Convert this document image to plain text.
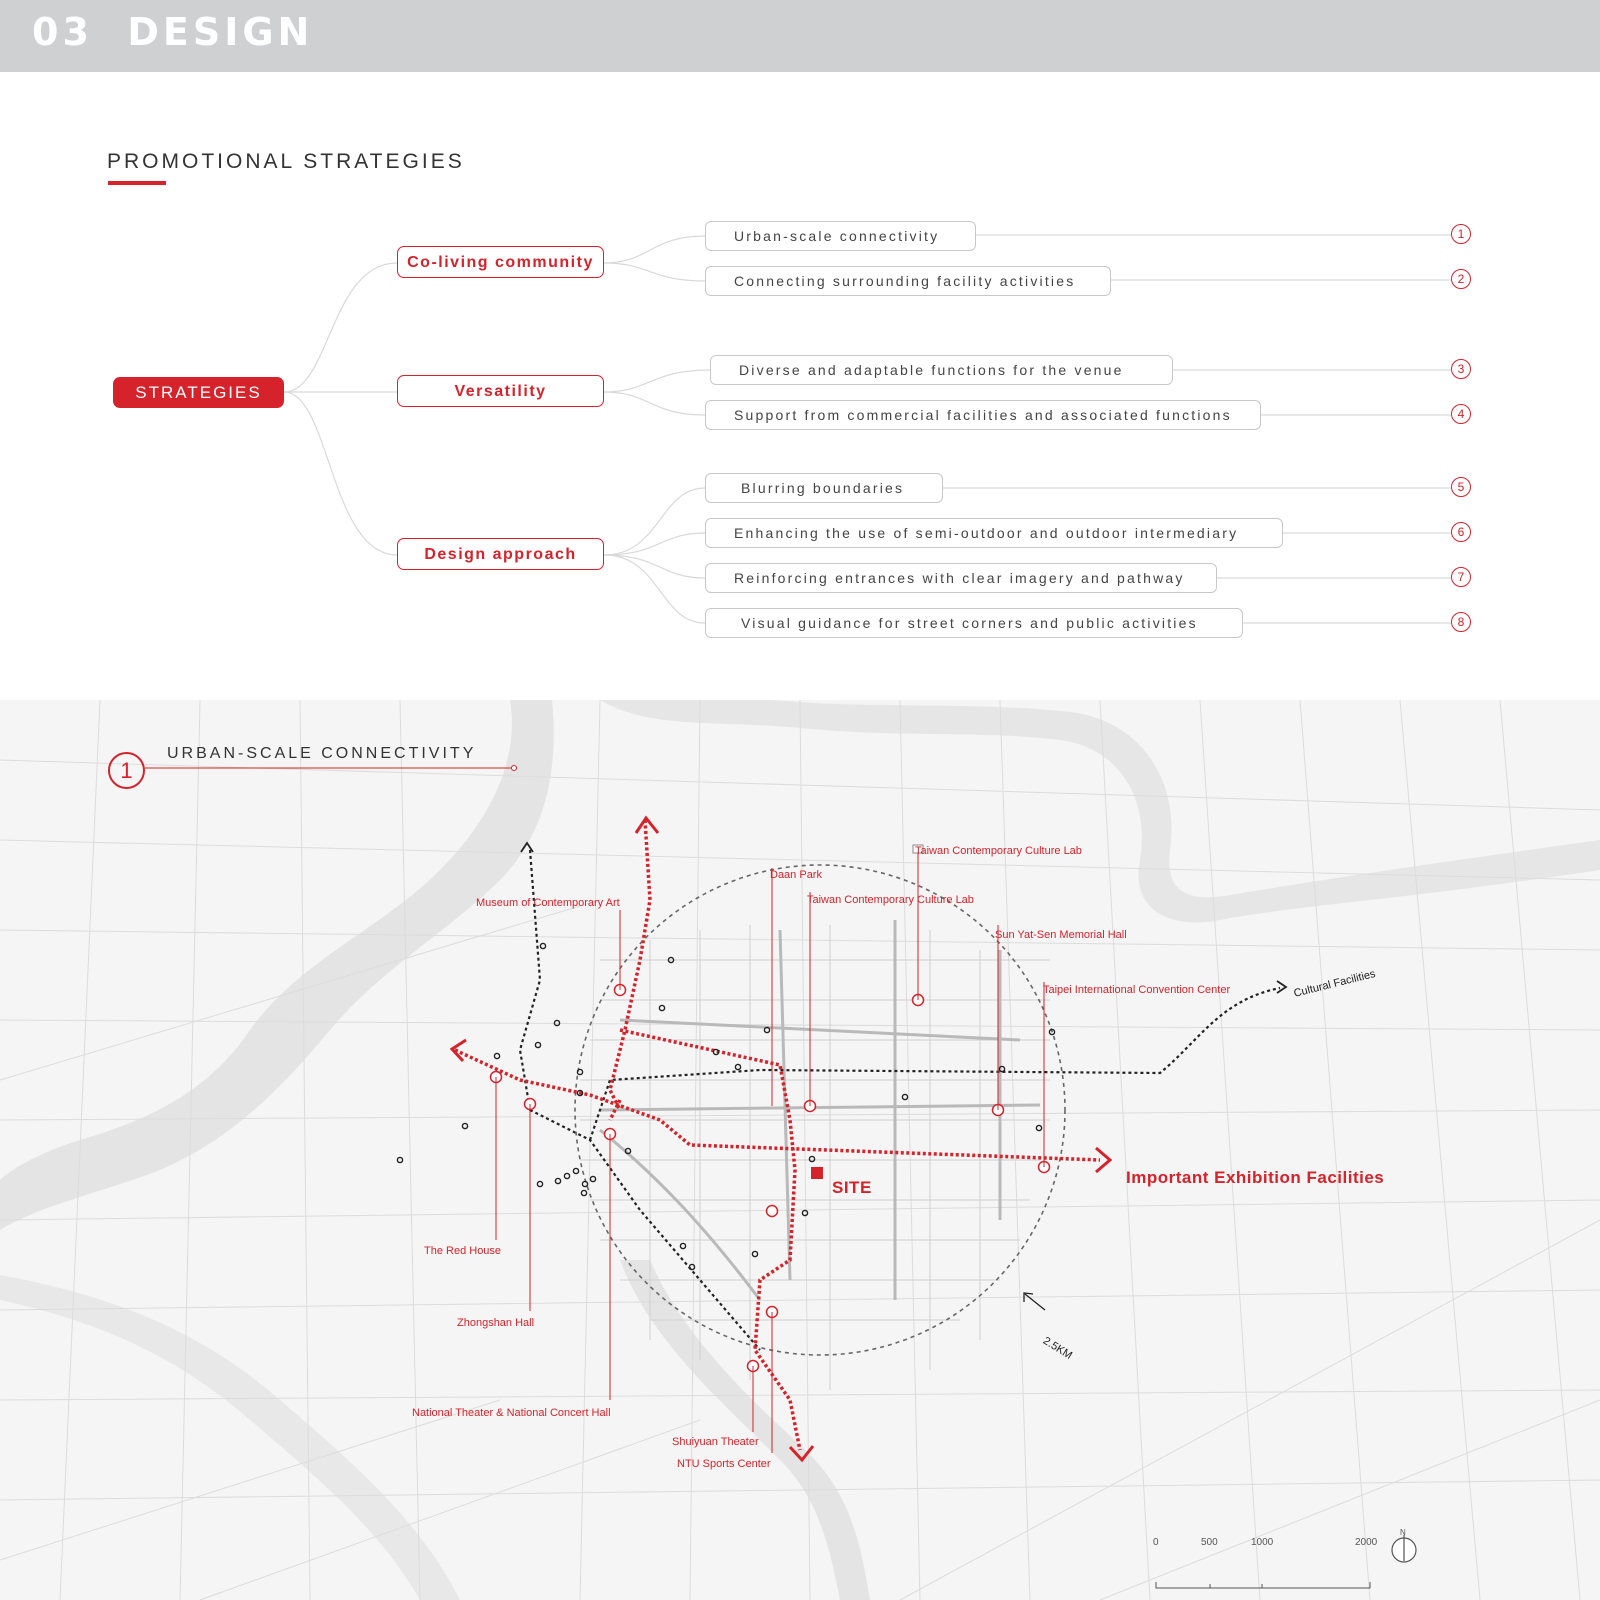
03  DESIGN
PROMOTIONAL STRATEGIES
STRATEGIES
Co-living community
Versatility
Design approach
Urban-scale connectivity
Connecting surrounding facility activities
Diverse and adaptable functions for the venue
Support from commercial facilities and associated functions
Blurring boundaries
Enhancing the use of semi-outdoor and outdoor intermediary
Reinforcing entrances with clear imagery and pathway
Visual guidance for street corners and public activities
1
2
3
4
5
6
7
8
1
URBAN-SCALE CONNECTIVITY
Taiwan Contemporary Culture Lab
Daan Park
Taiwan Contemporary Culture Lab
Museum of Contemporary Art
Sun Yat-Sen Memorial Hall
Taipei International Convention Center
The Red House
Zhongshan Hall
National Theater & National Concert Hall
Shuiyuan Theater
NTU Sports Center
SITE
Important Exhibition Facilities
Cultural Facilities
2.5KM
0	500	1000	2000
N
